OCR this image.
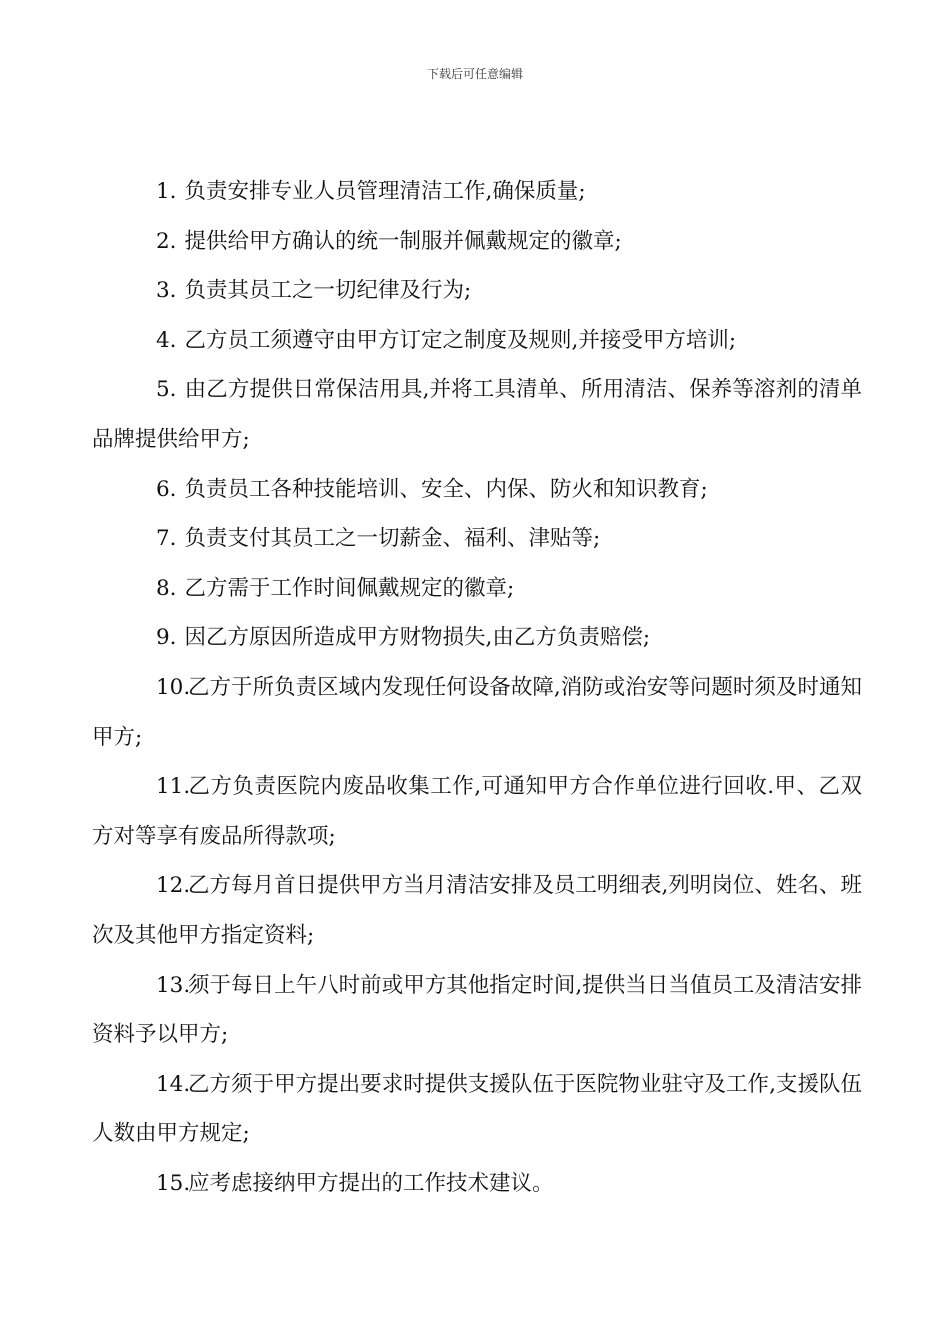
下载后可任意编辑

1. 负责安排专业人员管理清洁工作,确保质量;

2. 提供给甲方确认的统一制服并佩戴规定的徽章;

3. 负责其员工之一切纪律及行为;

4. 乙方员工须遵守由甲方订定之制度及规则,并接受甲方培训;

5. 由乙方提供日常保洁用具,并将工具清单、所用清洁、保养等溶剂的清单品牌提供给甲方;

6. 负责员工各种技能培训、安全、内保、防火和知识教育;

7. 负责支付其员工之一切薪金、福利、津贴等;

8. 乙方需于工作时间佩戴规定的徽章;

9. 因乙方原因所造成甲方财物损失,由乙方负责赔偿;

10.乙方于所负责区域内发现任何设备故障,消防或治安等问题时须及时通知甲方;

11.乙方负责医院内废品收集工作,可通知甲方合作单位进行回收.甲、乙双方对等享有废品所得款项;

12.乙方每月首日提供甲方当月清洁安排及员工明细表,列明岗位、姓名、班次及其他甲方指定资料;

13.须于每日上午八时前或甲方其他指定时间,提供当日当值员工及清洁安排资料予以甲方;

14.乙方须于甲方提出要求时提供支援队伍于医院物业驻守及工作,支援队伍人数由甲方规定;

15.应考虑接纳甲方提出的工作技术建议。
